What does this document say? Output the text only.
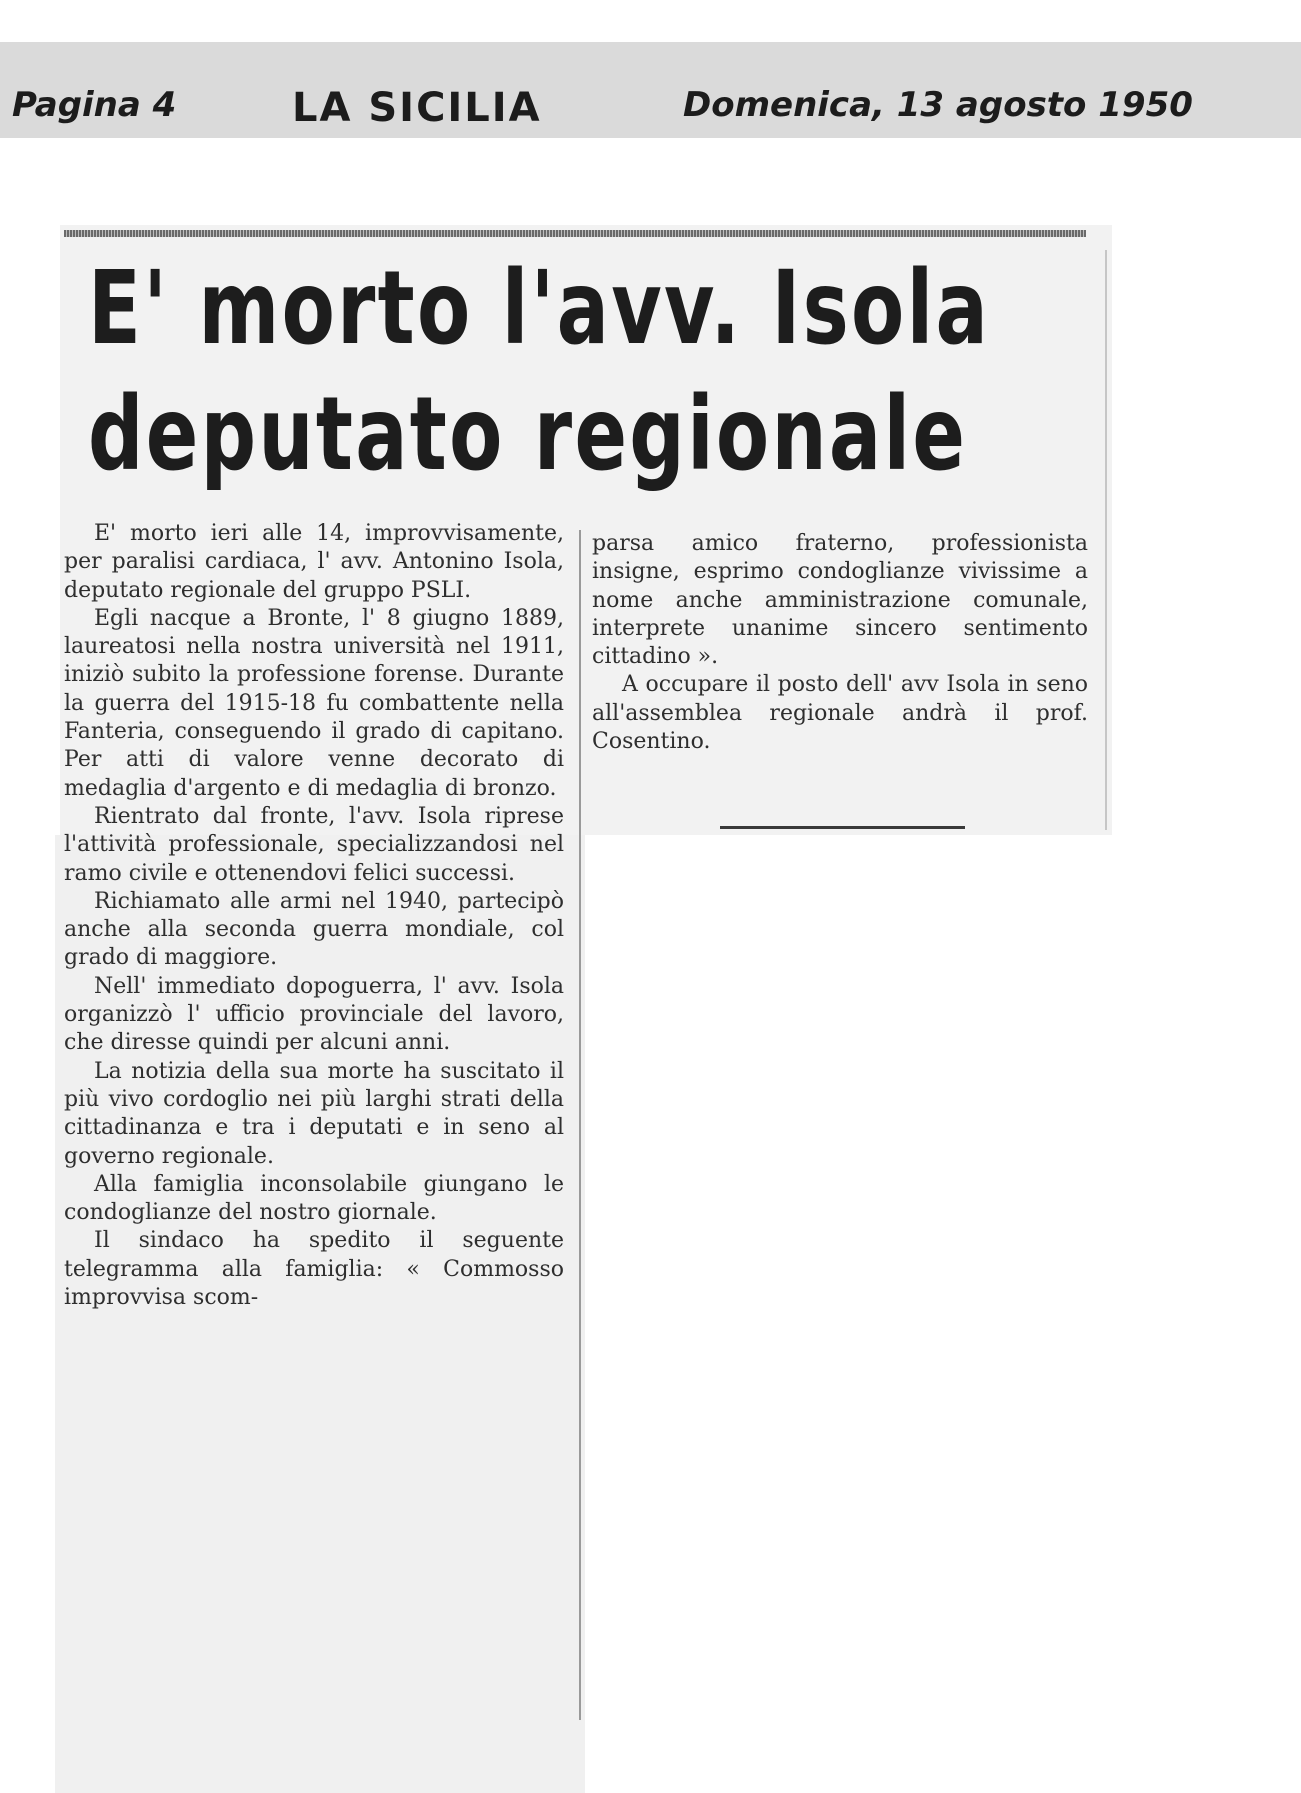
Pagina 4	LA SICILIA	Domenica, 13 agosto 1950
E' morto l'avv. Isola
deputato regionale

E' morto ieri alle 14, improvvisamente, per paralisi cardiaca, l' avv. Antonino Isola, deputato regionale del gruppo PSLI.

Egli nacque a Bronte, l' 8 giugno 1889, laureatosi nella nostra università nel 1911, iniziò subito la professione forense. Durante la guerra del 1915-18 fu combattente nella Fanteria, conseguendo il grado di capitano. Per atti di valore venne decorato di medaglia d'argento e di medaglia di bronzo.

Rientrato dal fronte, l'avv. Isola riprese l'attività professionale, specializzandosi nel ramo civile e ottenendovi felici successi.

Richiamato alle armi nel 1940, partecipò anche alla seconda guerra mondiale, col grado di maggiore.

Nell' immediato dopoguerra, l' avv. Isola organizzò l' ufficio provinciale del lavoro, che diresse quindi per alcuni anni.

La notizia della sua morte ha suscitato il più vivo cordoglio nei più larghi strati della cittadinanza e tra i deputati e in seno al governo regionale.

Alla famiglia inconsolabile giungano le condoglianze del nostro giornale.

Il sindaco ha spedito il seguente telegramma alla famiglia: « Commosso improvvisa scom-

parsa amico fraterno, professionista insigne, esprimo condoglianze vivissime a nome anche amministrazione comunale, interprete unanime sincero sentimento cittadino ».

A occupare il posto dell' avv Isola in seno all'assemblea regionale andrà il prof. Cosentino.
